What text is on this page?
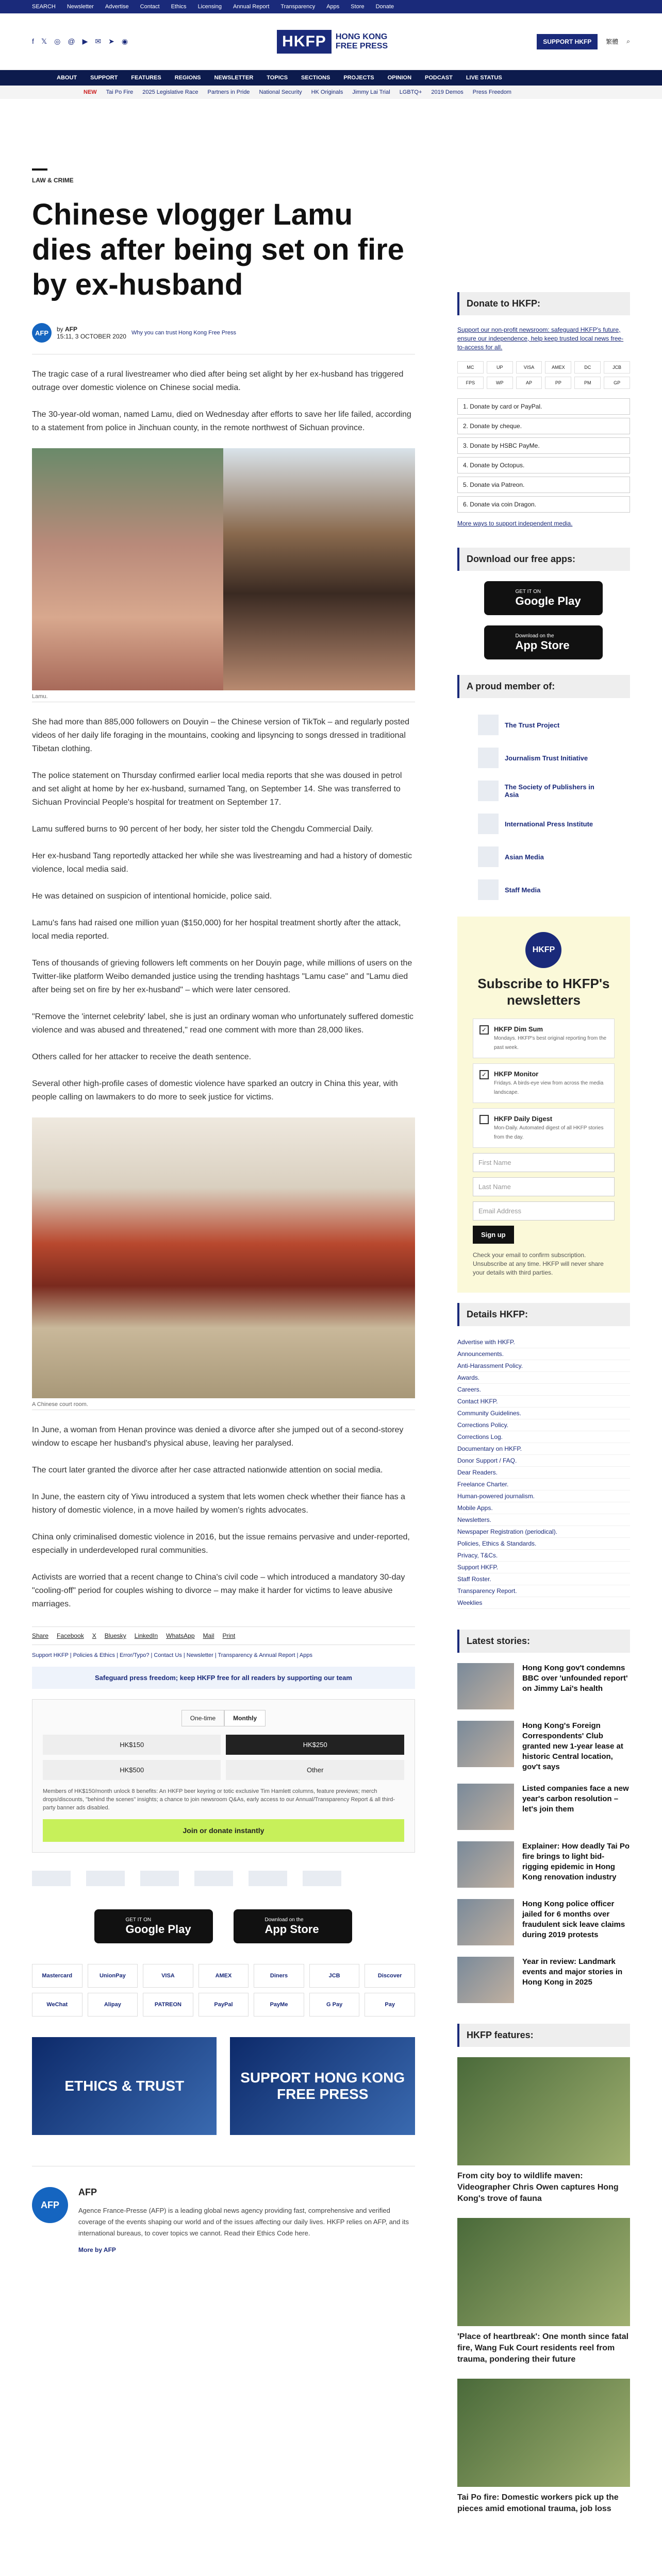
SEARCH Newsletter Advertise Contact Ethics Licensing Annual Report Transparency Apps Store Donate
f 𝕏 ◎ @ ▶ ✉ ➤ ◉	HKFP	HONG KONG
FREE PRESS	SUPPORT HKFP	繁體 ⌕
ABOUT SUPPORT FEATURES REGIONS NEWSLETTER TOPICS SECTIONS PROJECTS OPINION PODCAST LIVE STATUS
NEW Tai Po Fire 2025 Legislative Race Partners in Pride National Security HK Originals Jimmy Lai Trial LGBTQ+ 2019 Demos Press Freedom
LAW & CRIME
Chinese vlogger Lamu dies after being set on fire by ex-husband
AFP	by AFP
15:11, 3 OCTOBER 2020 Why you can trust Hong Kong Free Press

The tragic case of a rural livestreamer who died after being set alight by her ex-husband has triggered outrage over domestic violence on Chinese social media.

The 30-year-old woman, named Lamu, died on Wednesday after efforts to save her life failed, according to a statement from police in Jinchuan county, in the remote northwest of Sichuan province.

Lamu.

She had more than 885,000 followers on Douyin – the Chinese version of TikTok – and regularly posted videos of her daily life foraging in the mountains, cooking and lipsyncing to songs dressed in traditional Tibetan clothing.

The police statement on Thursday confirmed earlier local media reports that she was doused in petrol and set alight at home by her ex-husband, surnamed Tang, on September 14. She was transferred to Sichuan Provincial People's hospital for treatment on September 17.

Lamu suffered burns to 90 percent of her body, her sister told the Chengdu Commercial Daily.

Her ex-husband Tang reportedly attacked her while she was livestreaming and had a history of domestic violence, local media said.

He was detained on suspicion of intentional homicide, police said.

Lamu's fans had raised one million yuan ($150,000) for her hospital treatment shortly after the attack, local media reported.

Tens of thousands of grieving followers left comments on her Douyin page, while millions of users on the Twitter-like platform Weibo demanded justice using the trending hashtags "Lamu case" and "Lamu died after being set on fire by her ex-husband" – which were later censored.

"Remove the 'internet celebrity' label, she is just an ordinary woman who unfortunately suffered domestic violence and was abused and threatened," read one comment with more than 28,000 likes.

Others called for her attacker to receive the death sentence.

Several other high-profile cases of domestic violence have sparked an outcry in China this year, with people calling on lawmakers to do more to seek justice for victims.

A Chinese court room.

In June, a woman from Henan province was denied a divorce after she jumped out of a second-storey window to escape her husband's physical abuse, leaving her paralysed.

The court later granted the divorce after her case attracted nationwide attention on social media.

In June, the eastern city of Yiwu introduced a system that lets women check whether their fiance has a history of domestic violence, in a move hailed by women's rights advocates.

China only criminalised domestic violence in 2016, but the issue remains pervasive and under-reported, especially in underdeveloped rural communities.

Activists are worried that a recent change to China's civil code – which introduced a mandatory 30-day "cooling-off" period for couples wishing to divorce – may make it harder for victims to leave abusive marriages.

Share Facebook X Bluesky LinkedIn WhatsApp Mail Print
Support HKFP | Policies & Ethics | Error/Typo? | Contact Us | Newsletter | Transparency & Annual Report | Apps
Safeguard press freedom; keep HKFP free for all readers by supporting our team
One-time	Monthly
HK$150	HK$250
HK$500	Other
Members of HK$150/month unlock 8 benefits: An HKFP beer keyring or totic exclusive Tim Hamlett columns, feature previews; merch drops/discounts, "behind the scenes" insights; a chance to join newsroom Q&As, early access to our Annual/Transparency Report & all third-party banner ads disabled.
Join or donate instantly
GET IT ON
Google Play
Download on the
App Store
Mastercard	UnionPay	VISA	AMEX	Diners	JCB	Discover
WeChat	Alipay	PATREON	PayPal	PayMe	G Pay	Pay
ETHICS & TRUST
SUPPORT HONG KONG FREE PRESS
AFP
AFP

Agence France-Presse (AFP) is a leading global news agency providing fast, comprehensive and verified coverage of the events shaping our world and of the issues affecting our daily lives. HKFP relies on AFP, and its international bureaus, to cover topics we cannot. Read their Ethics Code here.

More by AFP
Donate to HKFP:
Support our non-profit newsroom: safeguard HKFP's future, ensure our independence, help keep trusted local news free-to-access for all.
MC	UP	VISA	AMEX	DC	JCB
FPS	WP	AP	PP	PM	GP
1. Donate by card or PayPal.
2. Donate by cheque.
3. Donate by HSBC PayMe.
4. Donate by Octopus.
5. Donate via Patreon.
6. Donate via coin Dragon.
More ways to support independent media.
Download our free apps:
GET IT ON
Google Play
Download on the
App Store
A proud member of:
The Trust Project
Journalism Trust Initiative
The Society of Publishers in Asia
International Press Institute
Asian Media
Staff Media
HKFP
Subscribe to HKFP's newsletters
✓	HKFP Dim Sum
Mondays. HKFP's best original reporting from the past week.
✓	HKFP Monitor
Fridays. A birds-eye view from across the media landscape.
HKFP Daily Digest
Mon-Daily. Automated digest of all HKFP stories from the day.
First Name
Last Name
Email Address
Sign up
Check your email to confirm subscription. Unsubscribe at any time. HKFP will never share your details with third parties.
Details HKFP:
Advertise with HKFP.
Announcements.
Anti-Harassment Policy.
Awards.
Careers.
Contact HKFP.
Community Guidelines.
Corrections Policy.
Corrections Log.
Documentary on HKFP.
Donor Support / FAQ.
Dear Readers.
Freelance Charter.
Human-powered journalism.
Mobile Apps.
Newsletters.
Newspaper Registration (periodical).
Policies, Ethics & Standards.
Privacy, T&Cs.
Support HKFP.
Staff Roster.
Transparency Report.
Weeklies
Latest stories:

Hong Kong gov't condemns BBC over 'unfounded report' on Jimmy Lai's health

Hong Kong's Foreign Correspondents' Club granted new 1-year lease at historic Central location, gov't says

Listed companies face a new year's carbon resolution – let's join them

Explainer: How deadly Tai Po fire brings to light bid-rigging epidemic in Hong Kong renovation industry

Hong Kong police officer jailed for 6 months over fraudulent sick leave claims during 2019 protests

Year in review: Landmark events and major stories in Hong Kong in 2025

HKFP features:

From city boy to wildlife maven: Videographer Chris Owen captures Hong Kong's trove of fauna

'Place of heartbreak': One month since fatal fire, Wang Fuk Court residents reel from trauma, pondering their future

Tai Po fire: Domestic workers pick up the pieces amid emotional trauma, job loss
